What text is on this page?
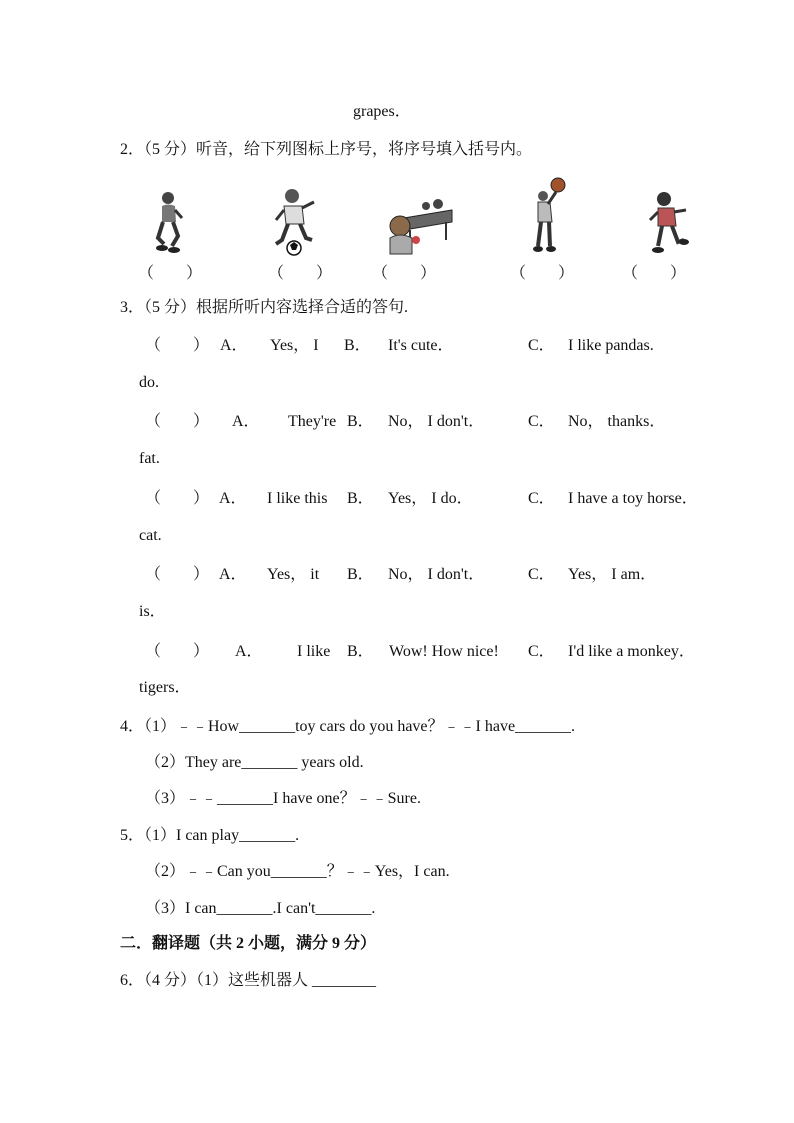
grapes．
2．（5 分）听音，给下列图标上序号，将序号填入括号内。
（　　）	（　　） （　　）	（　　）	（　　）
3．（5 分）根据所听内容选择合适的答句.
（　　） A． Yes， I B． It's cute．	C． I like pandas.
do.
（　　） A． They're B． No， I don't．	C． No， thanks．
fat.
（　　） A． I like this B． Yes， I do．	C． I have a toy horse．
cat.
（　　） A． Yes， it B． No， I don't．	C． Yes， I am．
is．
（　　） A． I like B． Wow! How nice! C． I'd like a monkey．
tigers．
4．（1）﹣﹣How_______toy cars do you have？﹣﹣I have_______.
（2）They are_______ years old.
（3）﹣﹣_______I have one？﹣﹣Sure.
5．（1）I can play_______.
（2）﹣﹣Can you_______？﹣﹣Yes，I can.
（3）I can_______.I can't_______.
二．翻译题（共 2 小题，满分 9 分）
6．（4 分）（1）这些机器人 ________
